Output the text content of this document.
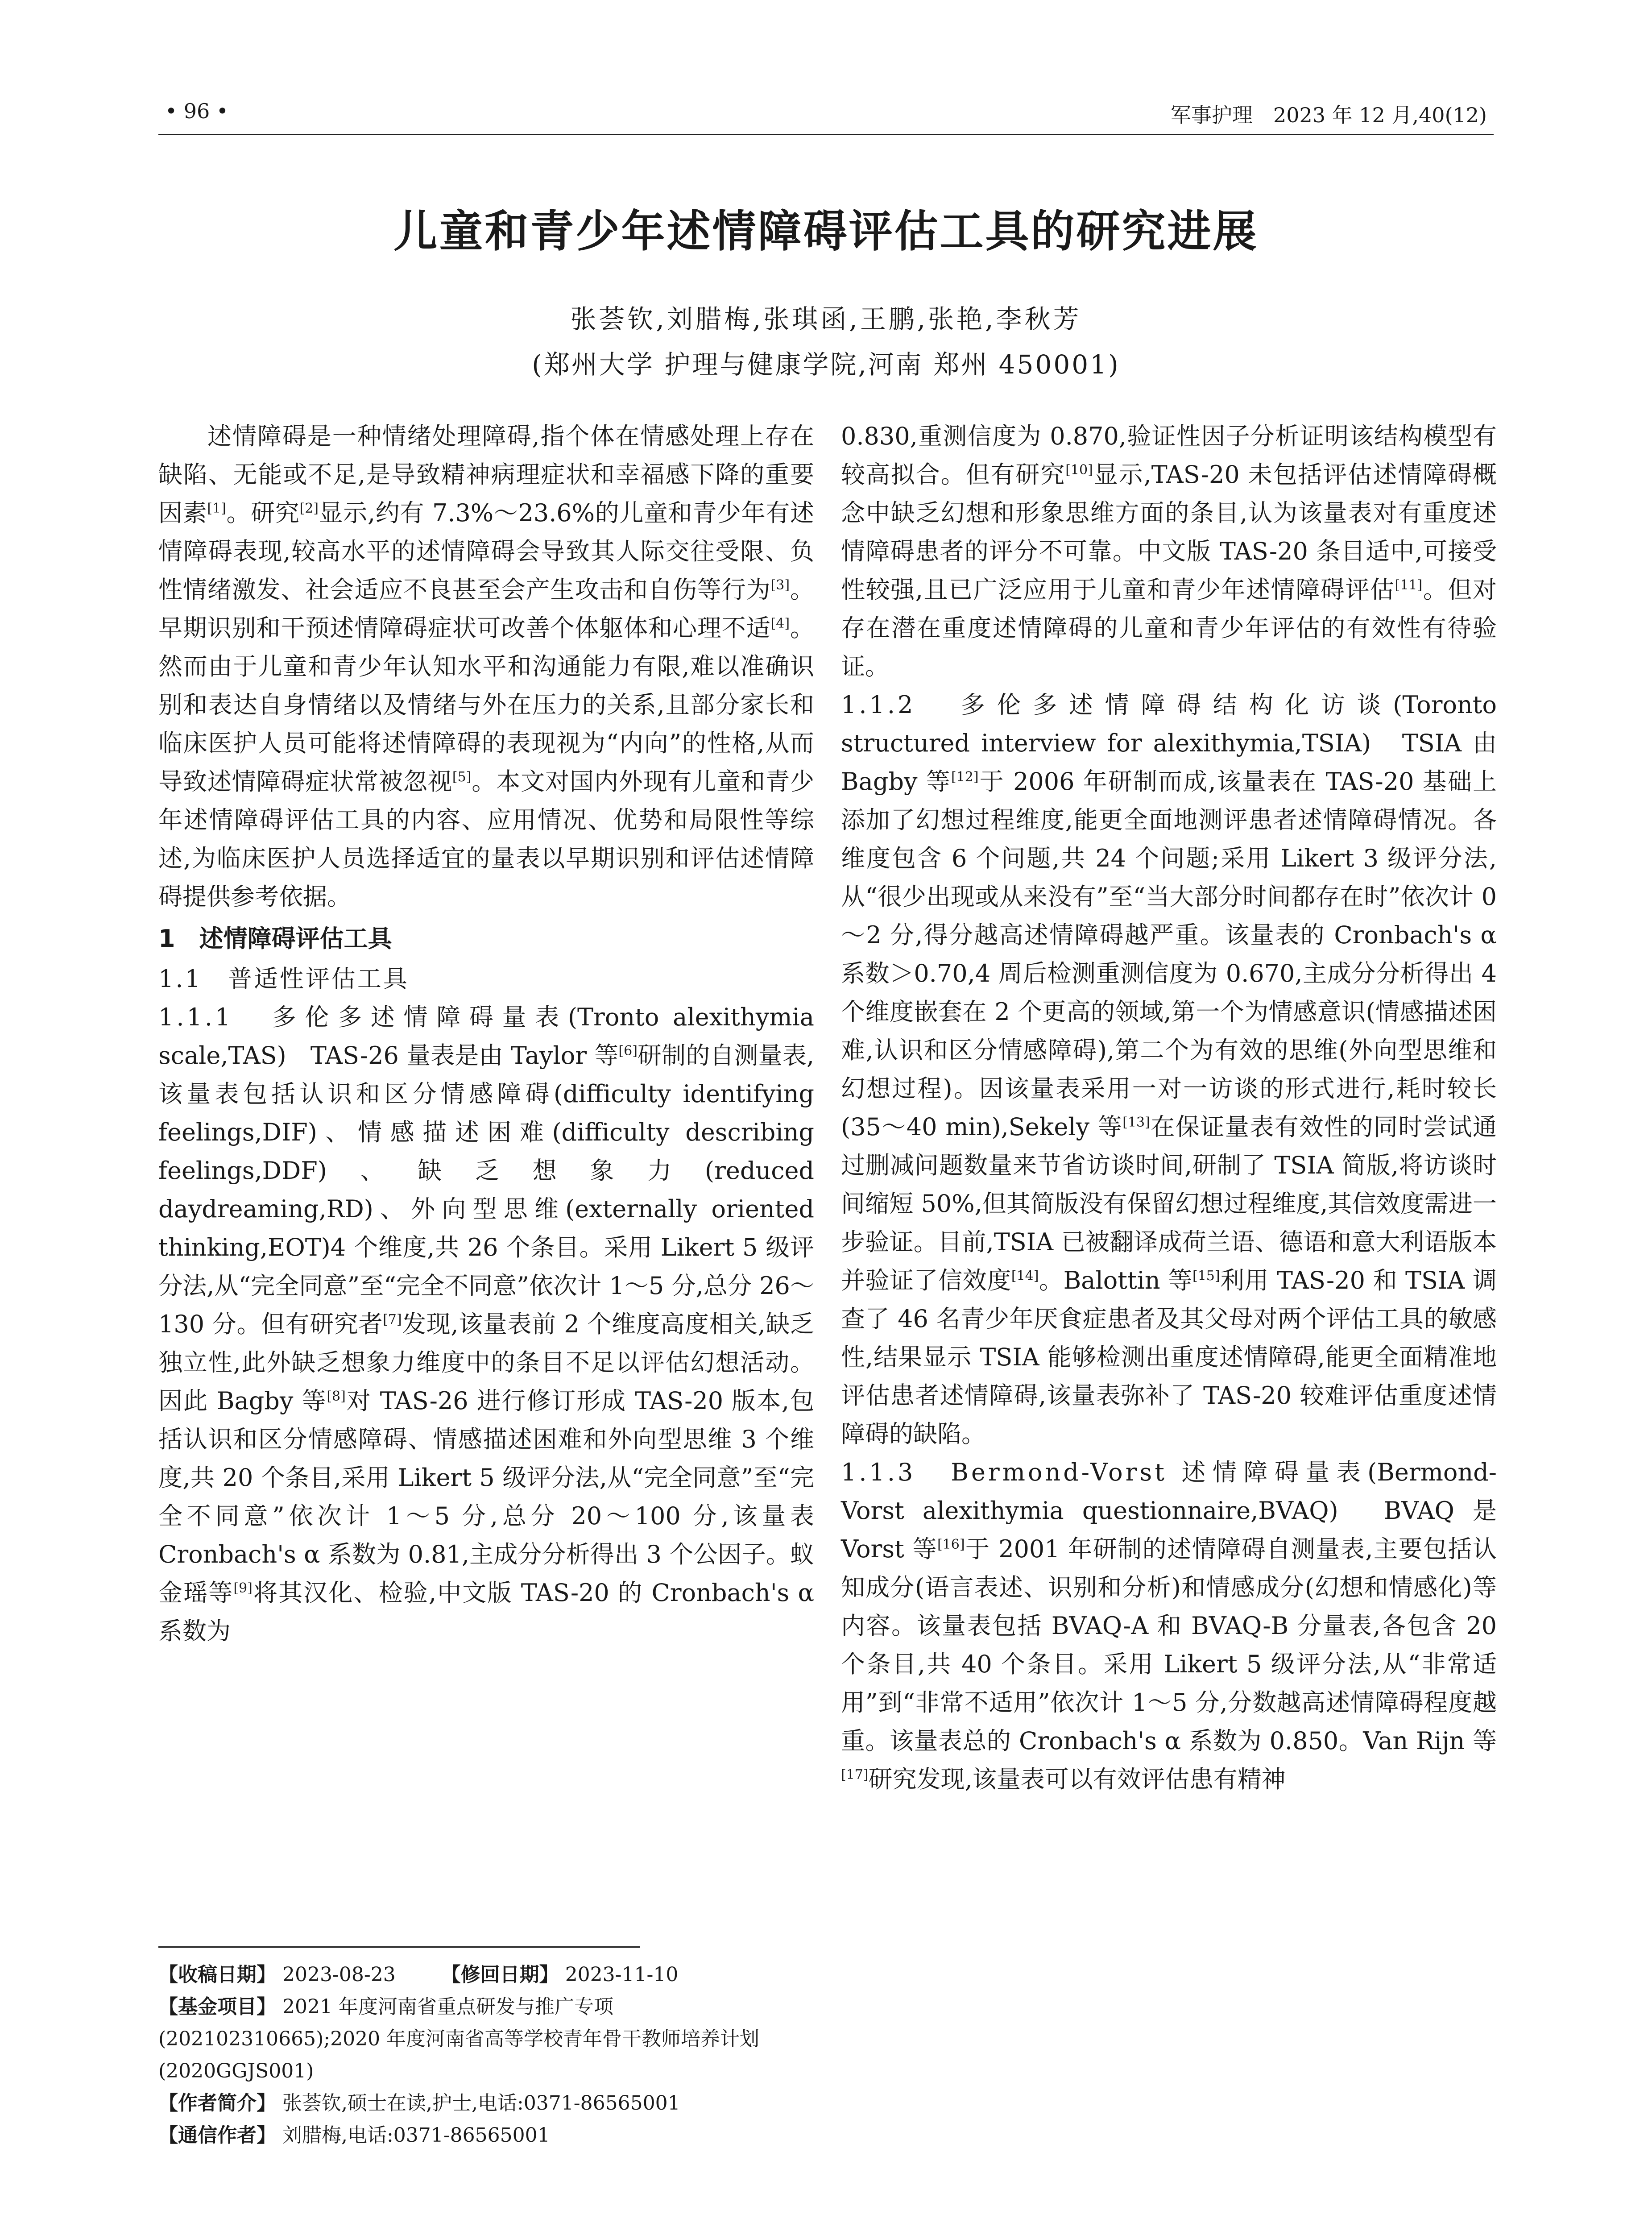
• 96 •	军事护理　2023 年 12 月,40(12)
儿童和青少年述情障碍评估工具的研究进展
张荟钦,刘腊梅,张琪函,王鹏,张艳,李秋芳
(郑州大学 护理与健康学院,河南 郑州 450001)

述情障碍是一种情绪处理障碍,指个体在情感处理上存在缺陷、无能或不足,是导致精神病理症状和幸福感下降的重要因素[1]。研究[2]显示,约有 7.3%～23.6%的儿童和青少年有述情障碍表现,较高水平的述情障碍会导致其人际交往受限、负性情绪激发、社会适应不良甚至会产生攻击和自伤等行为[3]。早期识别和干预述情障碍症状可改善个体躯体和心理不适[4]。然而由于儿童和青少年认知水平和沟通能力有限,难以准确识别和表达自身情绪以及情绪与外在压力的关系,且部分家长和临床医护人员可能将述情障碍的表现视为“内向”的性格,从而导致述情障碍症状常被忽视[5]。本文对国内外现有儿童和青少年述情障碍评估工具的内容、应用情况、优势和局限性等综述,为临床医护人员选择适宜的量表以早期识别和评估述情障碍提供参考依据。

1　述情障碍评估工具
1.1　普适性评估工具

1.1.1　多伦多述情障碍量表(Tronto alexithymia scale,TAS)　TAS-26 量表是由 Taylor 等[6]研制的自测量表,该量表包括认识和区分情感障碍(difficulty identifying feelings,DIF)、情感描述困难(difficulty describing feelings,DDF)、缺乏想象力(reduced daydreaming,RD)、外向型思维(externally oriented thinking,EOT)4 个维度,共 26 个条目。采用 Likert 5 级评分法,从“完全同意”至“完全不同意”依次计 1～5 分,总分 26～130 分。但有研究者[7]发现,该量表前 2 个维度高度相关,缺乏独立性,此外缺乏想象力维度中的条目不足以评估幻想活动。因此 Bagby 等[8]对 TAS-26 进行修订形成 TAS-20 版本,包括认识和区分情感障碍、情感描述困难和外向型思维 3 个维度,共 20 个条目,采用 Likert 5 级评分法,从“完全同意”至“完全不同意”依次计 1～5 分,总分 20～100 分,该量表 Cronbach's α 系数为 0.81,主成分分析得出 3 个公因子。蚁金瑶等[9]将其汉化、检验,中文版 TAS-20 的 Cronbach's α 系数为

0.830,重测信度为 0.870,验证性因子分析证明该结构模型有较高拟合。但有研究[10]显示,TAS-20 未包括评估述情障碍概念中缺乏幻想和形象思维方面的条目,认为该量表对有重度述情障碍患者的评分不可靠。中文版 TAS-20 条目适中,可接受性较强,且已广泛应用于儿童和青少年述情障碍评估[11]。但对存在潜在重度述情障碍的儿童和青少年评估的有效性有待验证。

1.1.2　多伦多述情障碍结构化访谈(Toronto structured interview for alexithymia,TSIA)　TSIA 由 Bagby 等[12]于 2006 年研制而成,该量表在 TAS-20 基础上添加了幻想过程维度,能更全面地测评患者述情障碍情况。各维度包含 6 个问题,共 24 个问题;采用 Likert 3 级评分法,从“很少出现或从来没有”至“当大部分时间都存在时”依次计 0～2 分,得分越高述情障碍越严重。该量表的 Cronbach's α 系数＞0.70,4 周后检测重测信度为 0.670,主成分分析得出 4 个维度嵌套在 2 个更高的领域,第一个为情感意识(情感描述困难,认识和区分情感障碍),第二个为有效的思维(外向型思维和幻想过程)。因该量表采用一对一访谈的形式进行,耗时较长(35～40 min),Sekely 等[13]在保证量表有效性的同时尝试通过删减问题数量来节省访谈时间,研制了 TSIA 简版,将访谈时间缩短 50%,但其简版没有保留幻想过程维度,其信效度需进一步验证。目前,TSIA 已被翻译成荷兰语、德语和意大利语版本并验证了信效度[14]。Balottin 等[15]利用 TAS-20 和 TSIA 调查了 46 名青少年厌食症患者及其父母对两个评估工具的敏感性,结果显示 TSIA 能够检测出重度述情障碍,能更全面精准地评估患者述情障碍,该量表弥补了 TAS-20 较难评估重度述情障碍的缺陷。

1.1.3　Bermond-Vorst 述情障碍量表(Bermond-Vorst alexithymia questionnaire,BVAQ)　BVAQ 是 Vorst 等[16]于 2001 年研制的述情障碍自测量表,主要包括认知成分(语言表述、识别和分析)和情感成分(幻想和情感化)等内容。该量表包括 BVAQ-A 和 BVAQ-B 分量表,各包含 20 个条目,共 40 个条目。采用 Likert 5 级评分法,从“非常适用”到“非常不适用”依次计 1～5 分,分数越高述情障碍程度越重。该量表总的 Cronbach's α 系数为 0.850。Van Rijn 等[17]研究发现,该量表可以有效评估患有精神

【收稿日期】 2023-08-23　　 【修回日期】 2023-11-10

【基金项目】 2021 年度河南省重点研发与推广专项(202102310665);2020 年度河南省高等学校青年骨干教师培养计划(2020GGJS001)

【作者简介】 张荟钦,硕士在读,护士,电话:0371-86565001

【通信作者】 刘腊梅,电话:0371-86565001
